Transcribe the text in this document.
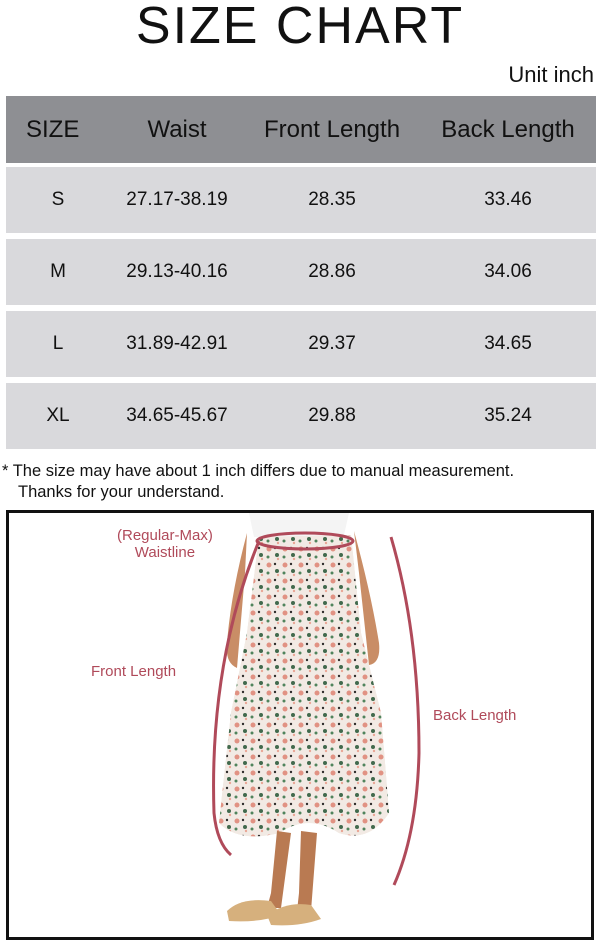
SIZE CHART
Unit inch
SIZE	Waist	Front Length	Back Length
S	27.17-38.19	28.35	33.46
M	29.13-40.16	28.86	34.06
L	31.89-42.91	29.37	34.65
XL	34.65-45.67	29.88	35.24
* The size may have about 1 inch differs due to manual measurement.
Thanks for your understand.
(Regular-Max)
Waistline
Front Length
Back Length
